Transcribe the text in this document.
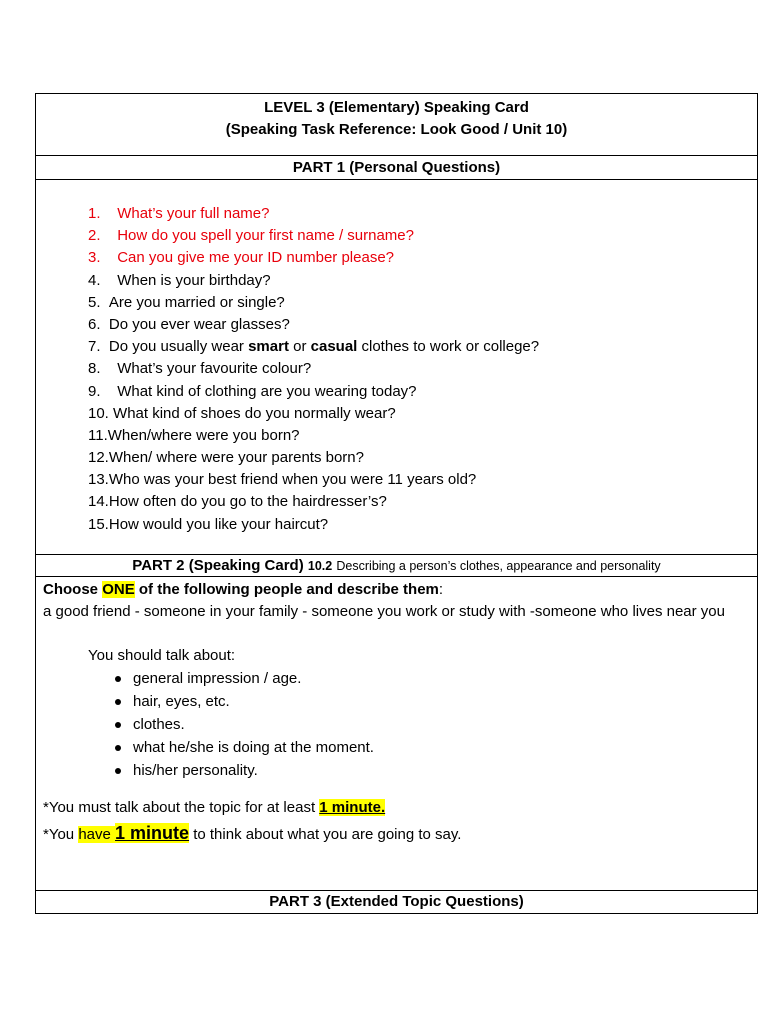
LEVEL 3 (Elementary) Speaking Card
(Speaking Task Reference: Look Good / Unit 10)
PART 1 (Personal Questions)
1. What’s your full name?
2. How do you spell your first name / surname?
3. Can you give me your ID number please?
4. When is your birthday?
5. Are you married or single?
6. Do you ever wear glasses?
7. Do you usually wear smart or casual clothes to work or college?
8. What’s your favourite colour?
9. What kind of clothing are you wearing today?
10. What kind of shoes do you normally wear?
11.When/where were you born?
12.When/ where were your parents born?
13.Who was your best friend when you were 11 years old?
14.How often do you go to the hairdresser’s?
15.How would you like your haircut?
PART 2 (Speaking Card) 10.2 Describing a person’s clothes, appearance and personality
Choose ONE of the following people and describe them:
a good friend - someone in your family - someone you work or study with -someone who lives near you
You should talk about:
general impression / age.
hair, eyes, etc.
clothes.
what he/she is doing at the moment.
his/her personality.
*You must talk about the topic for at least 1 minute.
*You have 1 minute to think about what you are going to say.
PART 3 (Extended Topic Questions)
